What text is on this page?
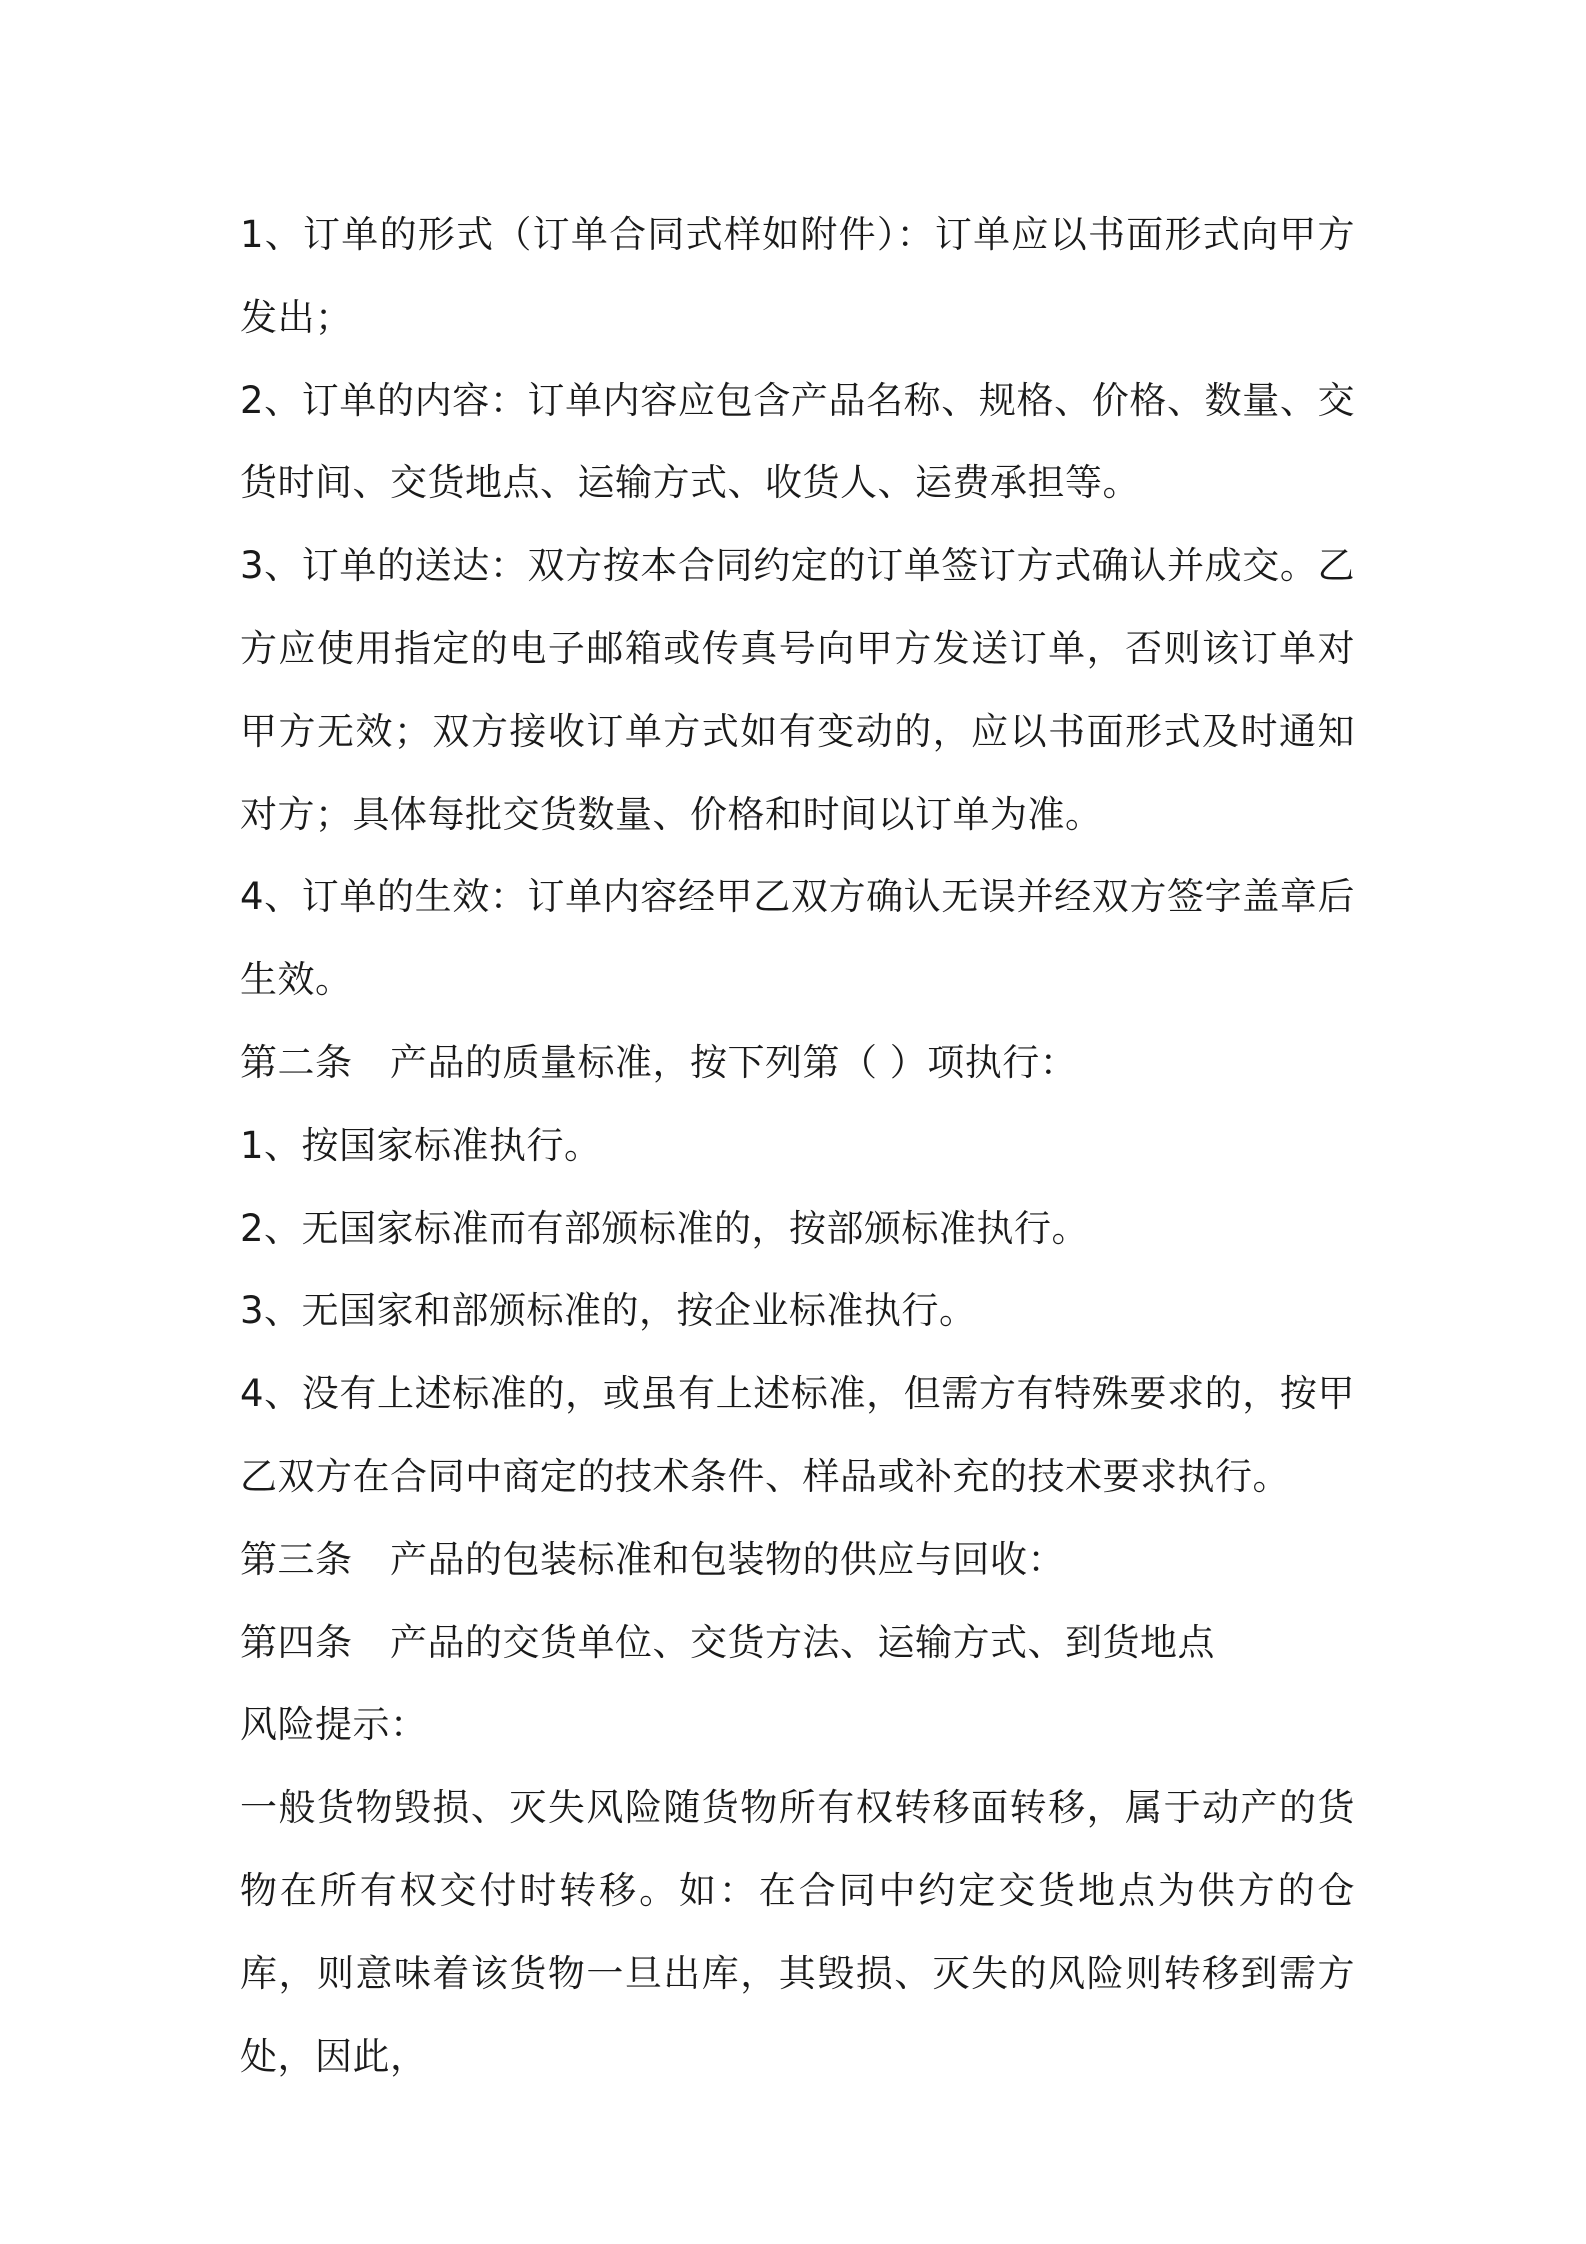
1、订单的形式（订单合同式样如附件）：订单应以书面形式向甲方发出；

2、订单的内容：订单内容应包含产品名称、规格、价格、数量、交货时间、交货地点、运输方式、收货人、运费承担等。

3、订单的送达：双方按本合同约定的订单签订方式确认并成交。乙方应使用指定的电子邮箱或传真号向甲方发送订单，否则该订单对甲方无效；双方接收订单方式如有变动的，应以书面形式及时通知对方；具体每批交货数量、价格和时间以订单为准。

4、订单的生效：订单内容经甲乙双方确认无误并经双方签字盖章后生效。

第二条　产品的质量标准，按下列第（ ）项执行：

1、按国家标准执行。

2、无国家标准而有部颁标准的，按部颁标准执行。

3、无国家和部颁标准的，按企业标准执行。

4、没有上述标准的，或虽有上述标准，但需方有特殊要求的，按甲乙双方在合同中商定的技术条件、样品或补充的技术要求执行。

第三条　产品的包装标准和包装物的供应与回收：

第四条　产品的交货单位、交货方法、运输方式、到货地点

风险提示：

一般货物毁损、灭失风险随货物所有权转移面转移，属于动产的货物在所有权交付时转移。如：在合同中约定交货地点为供方的仓库，则意味着该货物一旦出库，其毁损、灭失的风险则转移到需方处，因此，
